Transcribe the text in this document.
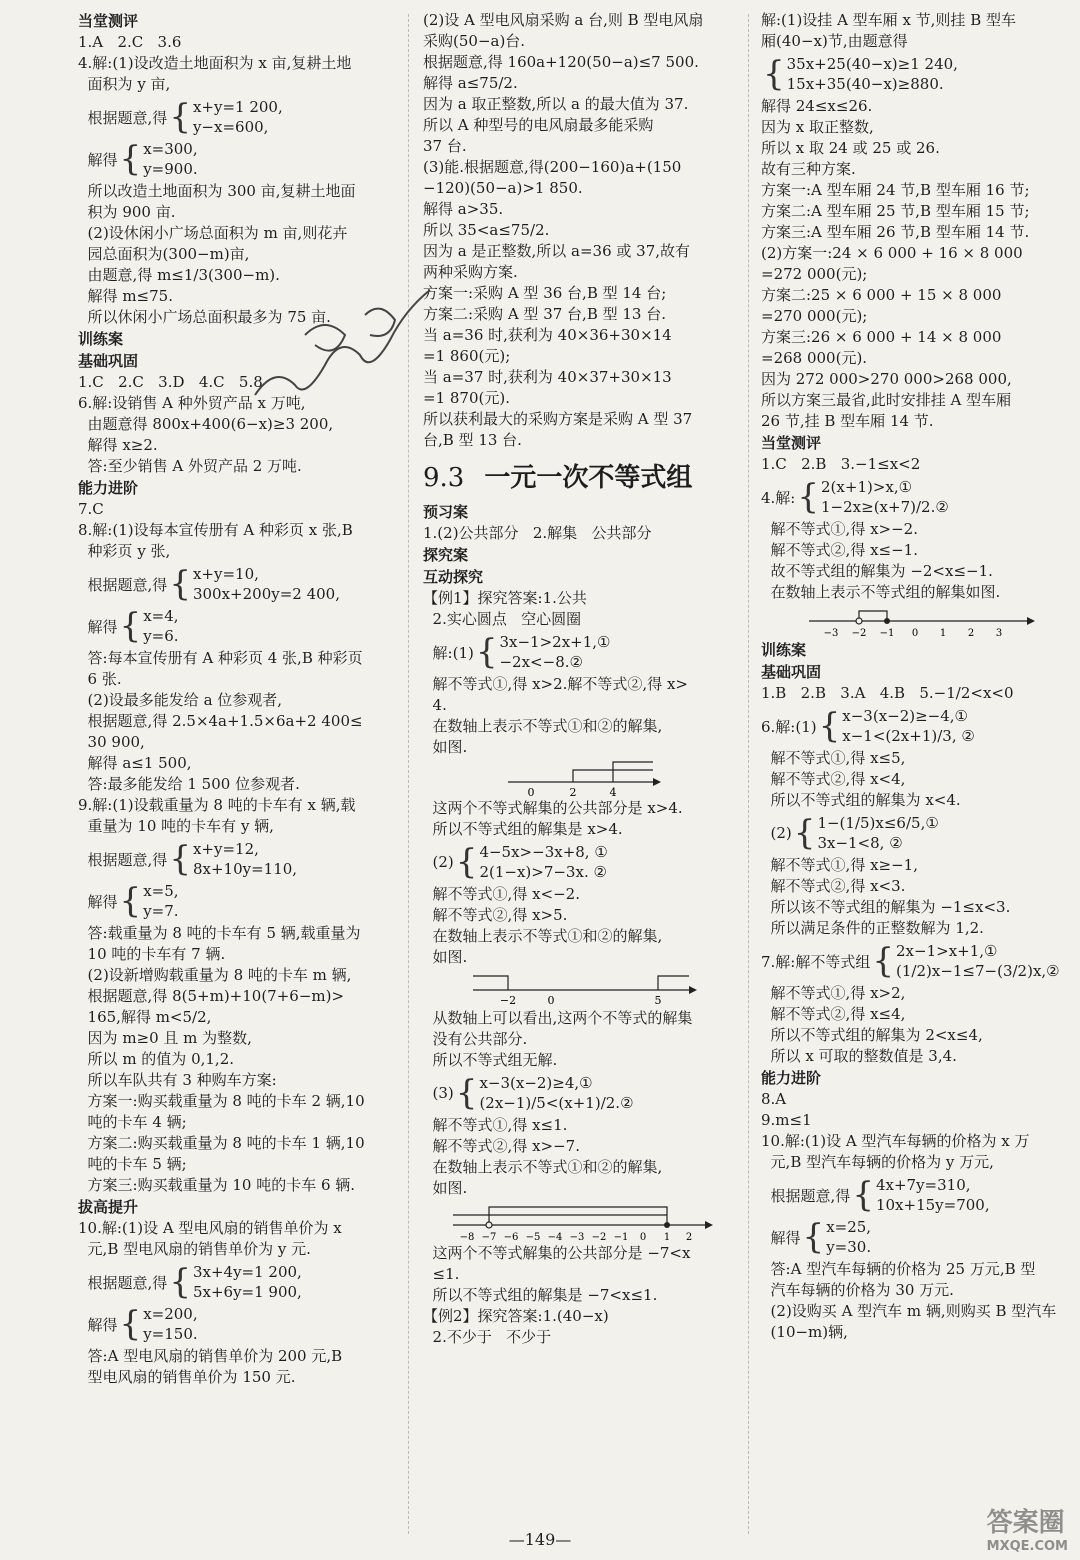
当堂测评
1.A   2.C   3.6
4.解:(1)设改造土地面积为 x 亩,复耕土地
面积为 y 亩,
根据题意,得 { x+y=1 200,
y−x=600,
解得 { x=300,
y=900.
所以改造土地面积为 300 亩,复耕土地面
积为 900 亩.
(2)设休闲小广场总面积为 m 亩,则花卉
园总面积为(300−m)亩,
由题意,得 m≤1/3(300−m).
解得 m≤75.
所以休闲小广场总面积最多为 75 亩.
训练案
基础巩固
1.C   2.C   3.D   4.C   5.8
6.解:设销售 A 种外贸产品 x 万吨,
由题意得 800x+400(6−x)≥3 200,
解得 x≥2.
答:至少销售 A 外贸产品 2 万吨.
能力进阶
7.C
8.解:(1)设每本宣传册有 A 种彩页 x 张,B
种彩页 y 张,
根据题意,得 { x+y=10,
300x+200y=2 400,
解得 { x=4,
y=6.
答:每本宣传册有 A 种彩页 4 张,B 种彩页
6 张.
(2)设最多能发给 a 位参观者,
根据题意,得 2.5×4a+1.5×6a+2 400≤
30 900,
解得 a≤1 500,
答:最多能发给 1 500 位参观者.
9.解:(1)设载重量为 8 吨的卡车有 x 辆,载
重量为 10 吨的卡车有 y 辆,
根据题意,得 { x+y=12,
8x+10y=110,
解得 { x=5,
y=7.
答:载重量为 8 吨的卡车有 5 辆,载重量为
10 吨的卡车有 7 辆.
(2)设新增购载重量为 8 吨的卡车 m 辆,
根据题意,得 8(5+m)+10(7+6−m)>
165,解得 m<5/2,
因为 m≥0 且 m 为整数,
所以 m 的值为 0,1,2.
所以车队共有 3 种购车方案:
方案一:购买载重量为 8 吨的卡车 2 辆,10
吨的卡车 4 辆;
方案二:购买载重量为 8 吨的卡车 1 辆,10
吨的卡车 5 辆;
方案三:购买载重量为 10 吨的卡车 6 辆.
拔高提升
10.解:(1)设 A 型电风扇的销售单价为 x
元,B 型电风扇的销售单价为 y 元.
根据题意,得 { 3x+4y=1 200,
5x+6y=1 900,
解得 { x=200,
y=150.
答:A 型电风扇的销售单价为 200 元,B
型电风扇的销售单价为 150 元.
(2)设 A 型电风扇采购 a 台,则 B 型电风扇
采购(50−a)台.
根据题意,得 160a+120(50−a)≤7 500.
解得 a≤75/2.
因为 a 取正整数,所以 a 的最大值为 37.
所以 A 种型号的电风扇最多能采购
37 台.
(3)能.根据题意,得(200−160)a+(150
−120)(50−a)>1 850.
解得 a>35.
所以 35<a≤75/2.
因为 a 是正整数,所以 a=36 或 37,故有
两种采购方案.
方案一:采购 A 型 36 台,B 型 14 台;
方案二:采购 A 型 37 台,B 型 13 台.
当 a=36 时,获利为 40×36+30×14
=1 860(元);
当 a=37 时,获利为 40×37+30×13
=1 870(元).
所以获利最大的采购方案是采购 A 型 37
台,B 型 13 台.
9.3 一元一次不等式组
预习案
1.(2)公共部分   2.解集   公共部分
探究案
互动探究
【例1】探究答案:1.公共
2.实心圆点   空心圆圈
解:(1) { 3x−1>2x+1,①
−2x<−8.②
解不等式①,得 x>2.解不等式②,得 x>
4.
在数轴上表示不等式①和②的解集,
如图.
0	2	4
这两个不等式解集的公共部分是 x>4.
所以不等式组的解集是 x>4.
(2) { 4−5x>−3x+8, ①
2(1−x)>7−3x. ②
解不等式①,得 x<−2.
解不等式②,得 x>5.
在数轴上表示不等式①和②的解集,
如图.
−2	0	5
从数轴上可以看出,这两个不等式的解集
没有公共部分.
所以不等式组无解.
(3) { x−3(x−2)≥4,①
(2x−1)/5<(x+1)/2.②
解不等式①,得 x≤1.
解不等式②,得 x>−7.
在数轴上表示不等式①和②的解集,
如图.
−8 −7 −6 −5 −4 −3 −2 −1 0 1 2
这两个不等式解集的公共部分是 −7<x
≤1.
所以不等式组的解集是 −7<x≤1.
【例2】探究答案:1.(40−x)
2.不少于   不少于
解:(1)设挂 A 型车厢 x 节,则挂 B 型车
厢(40−x)节,由题意得
{ 35x+25(40−x)≥1 240,
15x+35(40−x)≥880.
解得 24≤x≤26.
因为 x 取正整数,
所以 x 取 24 或 25 或 26.
故有三种方案.
方案一:A 型车厢 24 节,B 型车厢 16 节;
方案二:A 型车厢 25 节,B 型车厢 15 节;
方案三:A 型车厢 26 节,B 型车厢 14 节.
(2)方案一:24 × 6 000 + 16 × 8 000
=272 000(元);
方案二:25 × 6 000 + 15 × 8 000
=270 000(元);
方案三:26 × 6 000 + 14 × 8 000
=268 000(元).
因为 272 000>270 000>268 000,
所以方案三最省,此时安排挂 A 型车厢
26 节,挂 B 型车厢 14 节.
当堂测评
1.C   2.B   3.−1≤x<2
4.解: { 2(x+1)>x,①
1−2x≥(x+7)/2.②
解不等式①,得 x>−2.
解不等式②,得 x≤−1.
故不等式组的解集为 −2<x≤−1.
在数轴上表示不等式组的解集如图.
−3 −2 −1 0 1 2 3
训练案
基础巩固
1.B   2.B   3.A   4.B   5.−1/2<x<0
6.解:(1) { x−3(x−2)≥−4,①
x−1<(2x+1)/3, ②
解不等式①,得 x≤5,
解不等式②,得 x<4,
所以不等式组的解集为 x<4.
(2) { 1−(1/5)x≤6/5,①
3x−1<8, ②
解不等式①,得 x≥−1,
解不等式②,得 x<3.
所以该不等式组的解集为 −1≤x<3.
所以满足条件的正整数解为 1,2.
7.解:解不等式组 { 2x−1>x+1,①
(1/2)x−1≤7−(3/2)x,②
解不等式①,得 x>2,
解不等式②,得 x≤4,
所以不等式组的解集为 2<x≤4,
所以 x 可取的整数值是 3,4.
能力进阶
8.A
9.m≤1
10.解:(1)设 A 型汽车每辆的价格为 x 万
元,B 型汽车每辆的价格为 y 万元,
根据题意,得 { 4x+7y=310,
10x+15y=700,
解得 { x=25,
y=30.
答:A 型汽车每辆的价格为 25 万元,B 型
汽车每辆的价格为 30 万元.
(2)设购买 A 型汽车 m 辆,则购买 B 型汽车
(10−m)辆,
—149—
答案圈
MXQE.COM
